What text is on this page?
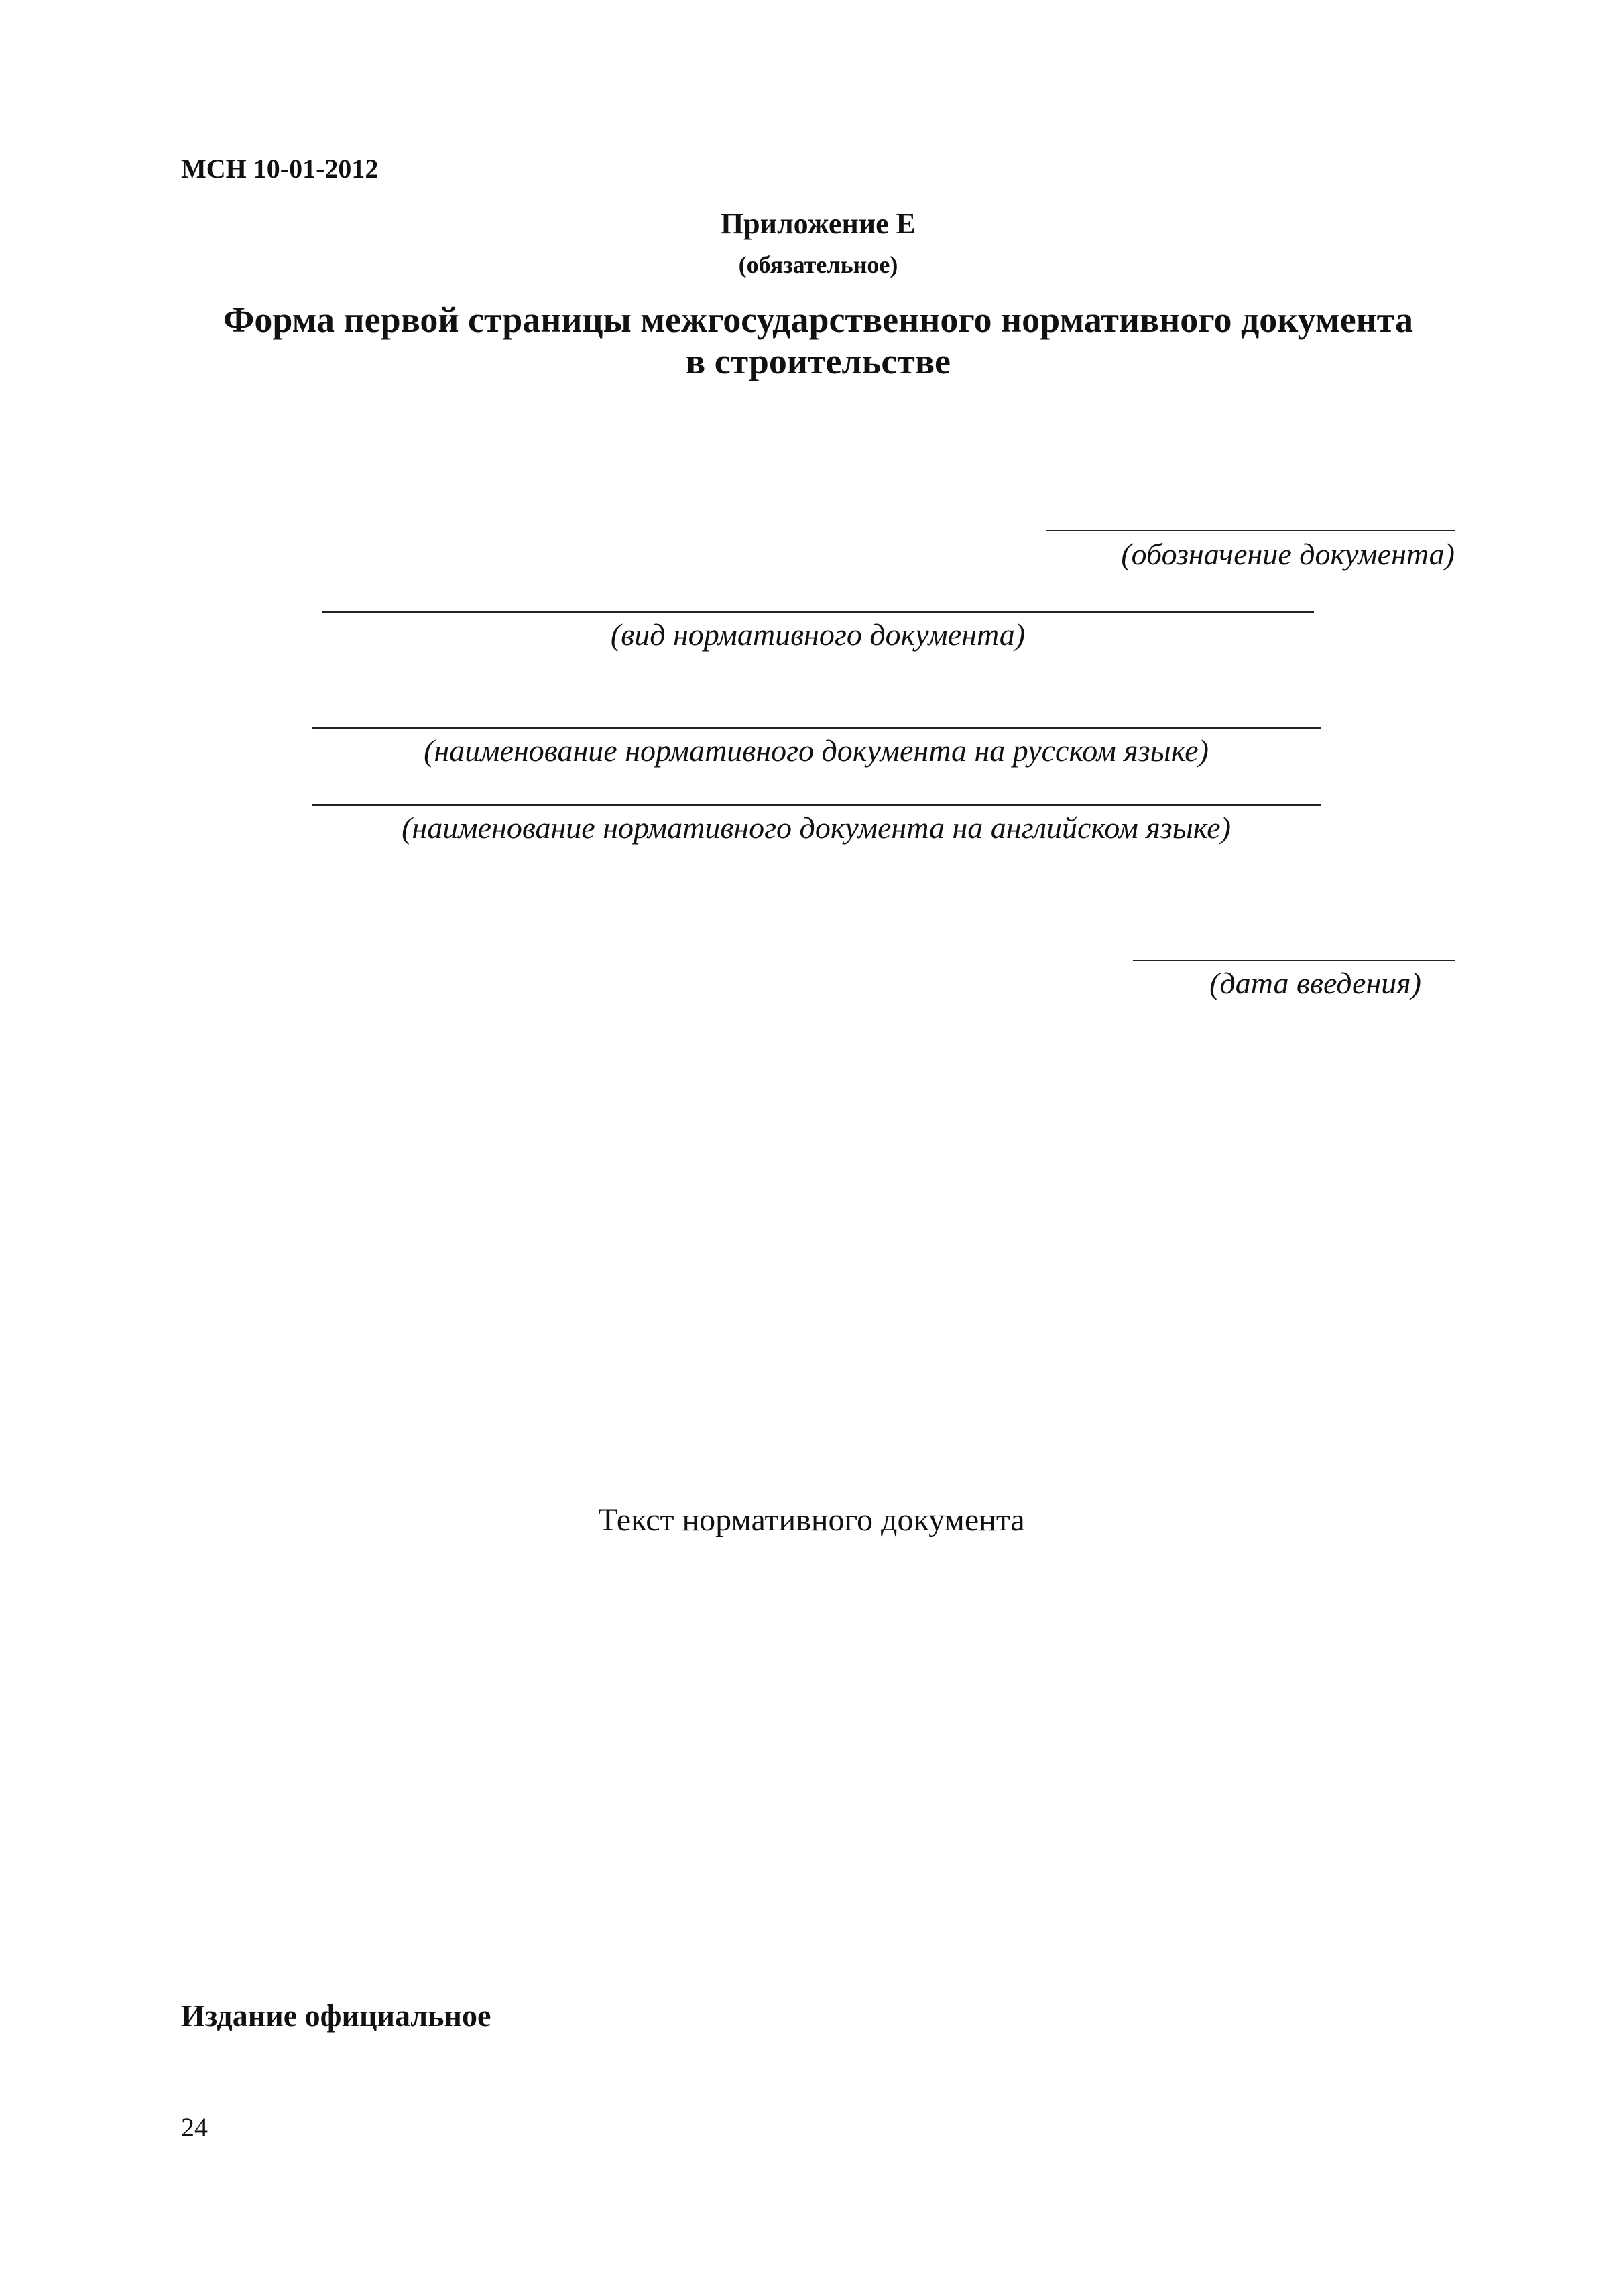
МСН 10-01-2012
Приложение Е
(обязательное)
Форма первой страницы межгосударственного нормативного документа
в строительстве
(обозначение документа)
(вид нормативного документа)
(наименование нормативного документа на русском языке)
(наименование нормативного документа на английском языке)
(дата введения)
Текст нормативного документа
Издание официальное
24
